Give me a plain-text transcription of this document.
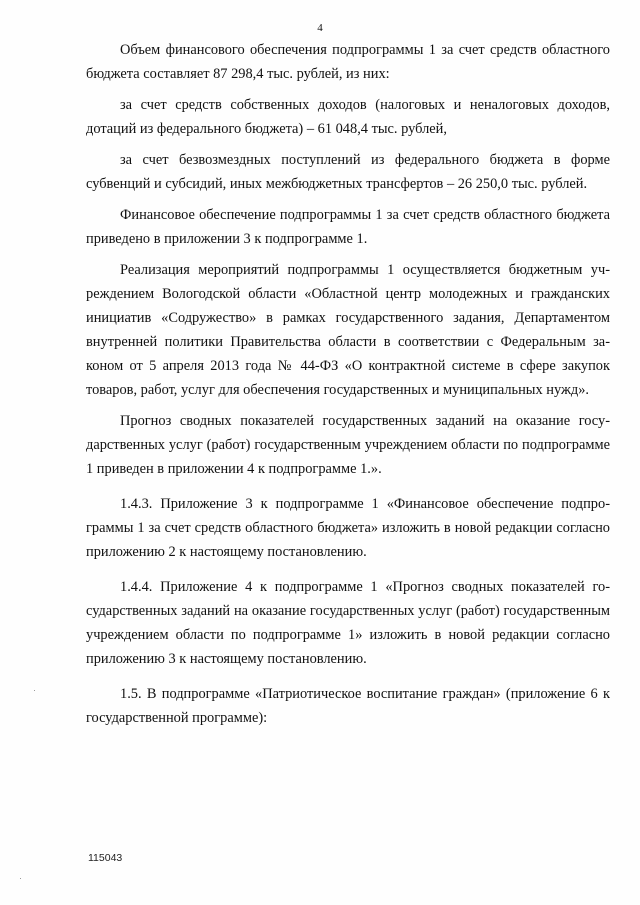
4

Объем финансового обеспечения подпрограммы 1 за счет средств областного бюджета составляет 87 298,4 тыс. рублей, из них:

за счет средств собственных доходов (налоговых и неналоговых доходов, дотаций из федерального бюджета) – 61 048,4 тыс. рублей,

за счет безвозмездных поступлений из федерального бюджета в форме субвенций и субсидий, иных межбюджетных трансфертов – 26 250,0 тыс. рублей.

Финансовое обеспечение подпрограммы 1 за счет средств областного бюджета приведено в приложении 3 к подпрограмме 1.

Реализация мероприятий подпрограммы 1 осуществляется бюджетным учреждением Вологодской области «Областной центр молодежных и гражданских инициатив «Содружество» в рамках государственного задания, Департаментом внутренней политики Правительства области в соответствии с Федеральным законом от 5 апреля 2013 года № 44-ФЗ «О контрактной системе в сфере закупок товаров, работ, услуг для обеспечения государственных и муниципальных нужд».

Прогноз сводных показателей государственных заданий на оказание государственных услуг (работ) государственным учреждением области по подпрограмме 1 приведен в приложении 4 к подпрограмме 1.».

1.4.3. Приложение 3 к подпрограмме 1 «Финансовое обеспечение подпрограммы 1 за счет средств областного бюджета» изложить в новой редакции согласно приложению 2 к настоящему постановлению.

1.4.4. Приложение 4 к подпрограмме 1 «Прогноз сводных показателей государственных заданий на оказание государственных услуг (работ) государственным учреждением области по подпрограмме 1» изложить в новой редакции согласно приложению 3 к настоящему постановлению.

1.5. В подпрограмме «Патриотическое воспитание граждан» (приложение 6 к государственной программе):

115043
